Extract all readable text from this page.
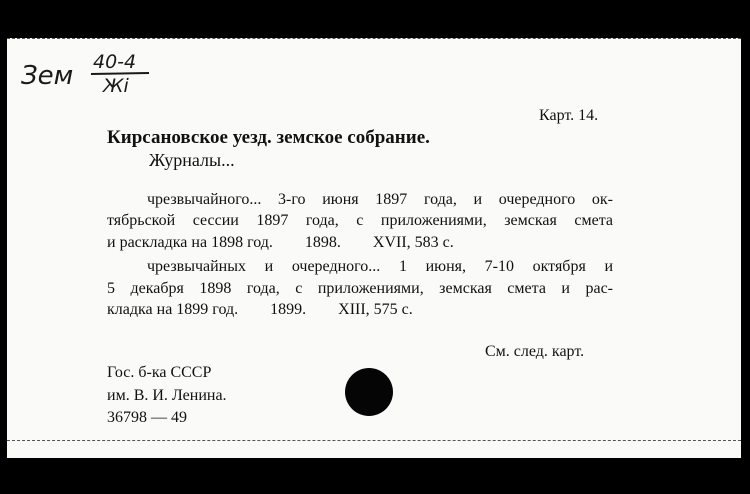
Зем 40-4
Жі
Карт. 14.
Кирсановское уезд. земское собрание.
Журналы...
чрезвычайного... 3-го июня 1897 года, и очередного ок-
тябрьской сессии 1897 года, с приложениями, земская смета
и раскладка на 1898 год.        1898.        XVII, 583 с.
чрезвычайных и очередного... 1 июня, 7-10 октября и
5 декабря 1898 года, с приложениями, земская смета и рас-
кладка на 1899 год.        1899.        XIII, 575 с.
См. след. карт.
Гос. б-ка СССР
им. В. И. Ленина.
36798 — 49
